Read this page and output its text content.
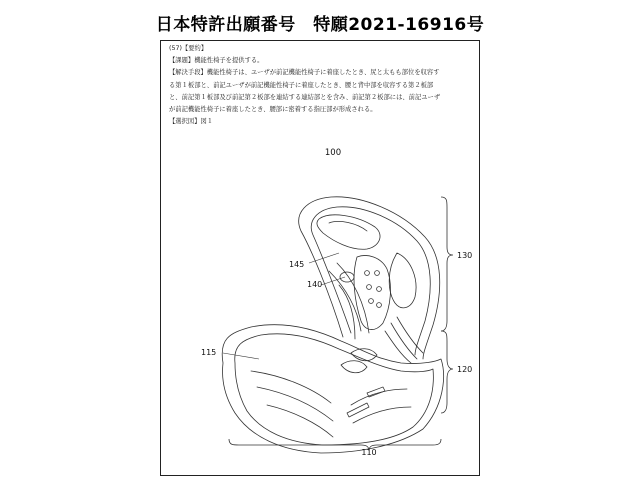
日本特許出願番号　特願2021‐16916号
(57)【要約】
【課題】機能性椅子を提供する。
【解決手段】機能性椅子は、ユーザが前記機能性椅子に着座したとき、尻と太もも部位を収容す
る第１板部と、前記ユーザが前記機能性椅子に着座したとき、腰と背中部を収容する第２板部
と、前記第１板部及び前記第２板部を連結する連結部とを含み、前記第２板部には、前記ユーザ
が前記機能性椅子に着座したとき、腰部に密着する指圧部が形成される。
【選択図】図１
100
130
120
110
115
140
145
